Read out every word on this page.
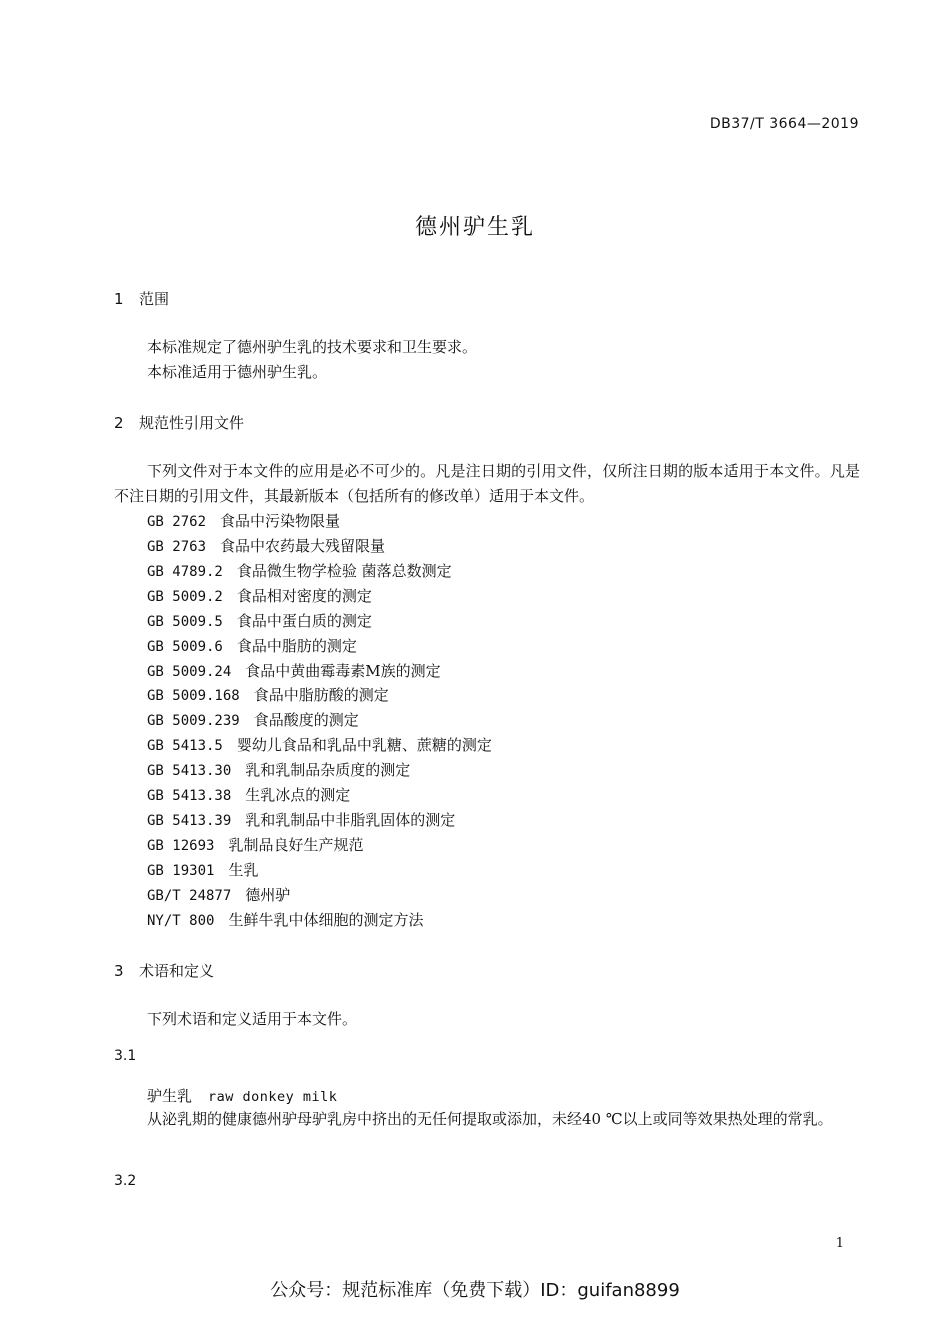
DB37/T 3664—2019
德州驴生乳
1 范围
本标准规定了德州驴生乳的技术要求和卫生要求。
本标准适用于德州驴生乳。
2 规范性引用文件
下列文件对于本文件的应用是必不可少的。凡是注日期的引用文件，仅所注日期的版本适用于本文件。凡是不注日期的引用文件，其最新版本（包括所有的修改单）适用于本文件。
GB 2762 食品中污染物限量
GB 2763 食品中农药最大残留限量
GB 4789.2 食品微生物学检验 菌落总数测定
GB 5009.2 食品相对密度的测定
GB 5009.5 食品中蛋白质的测定
GB 5009.6 食品中脂肪的测定
GB 5009.24 食品中黄曲霉毒素M族的测定
GB 5009.168 食品中脂肪酸的测定
GB 5009.239 食品酸度的测定
GB 5413.5 婴幼儿食品和乳品中乳糖、蔗糖的测定
GB 5413.30 乳和乳制品杂质度的测定
GB 5413.38 生乳冰点的测定
GB 5413.39 乳和乳制品中非脂乳固体的测定
GB 12693 乳制品良好生产规范
GB 19301 生乳
GB/T 24877 德州驴
NY/T 800 生鲜牛乳中体细胞的测定方法
3 术语和定义
下列术语和定义适用于本文件。
3.1
驴生乳 raw donkey milk
从泌乳期的健康德州驴母驴乳房中挤出的无任何提取或添加，未经40 ℃以上或同等效果热处理的常乳。
3.2
1
公众号：规范标准库（免费下载）ID：guifan8899
